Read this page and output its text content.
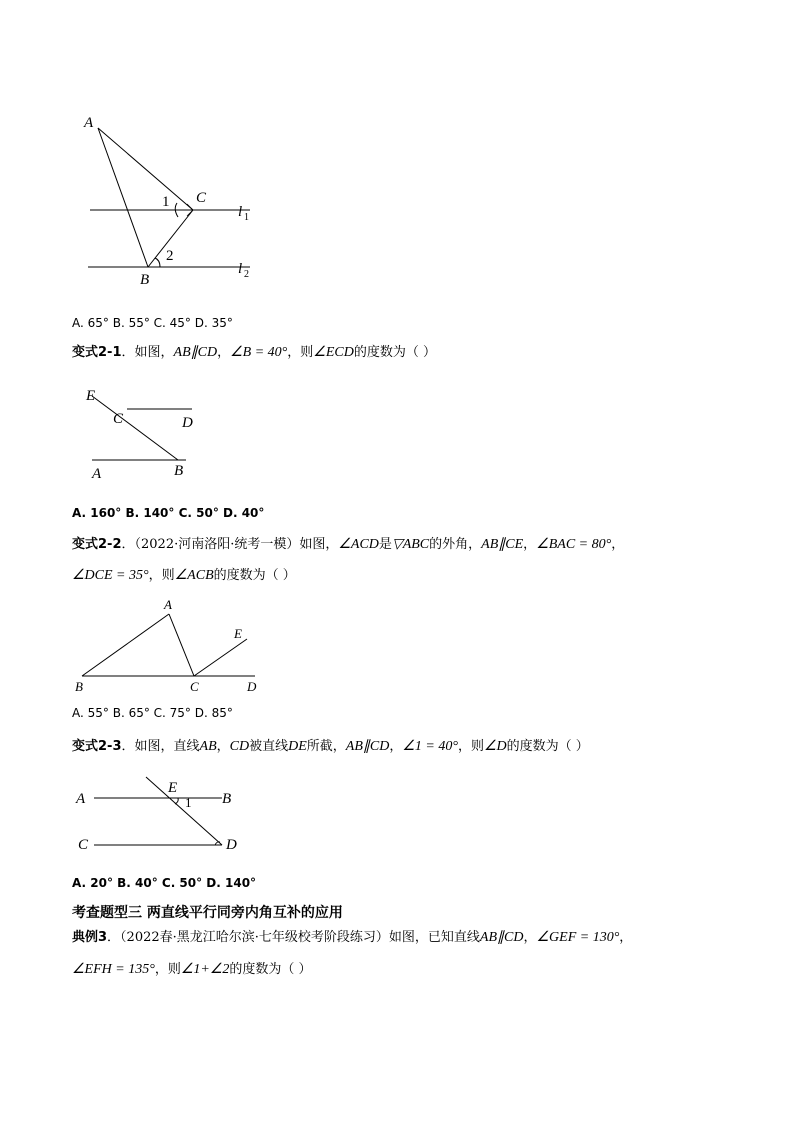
A
C
1
2
B
l 1
l 2
A. 65° B. 55° C. 45° D. 35°
变式2-1．如图，AB∥CD，∠B = 40°，则∠ECD的度数为（ ）
E
C	D
A	B
A. 160° B. 140° C. 50° D. 40°
变式2-2．（2022·河南洛阳·统考一模）如图，∠ACD是▽ABC的外角，AB∥CE，∠BAC = 80°，
∠DCE = 35°，则∠ACB的度数为（ ）
A
E
B	C	D
A. 55° B. 65° C. 75° D. 85°
变式2-3．如图，直线AB，CD被直线DE所截，AB∥CD，∠1 = 40°，则∠D的度数为（ ）
A
E
1 B
C	D
A. 20° B. 40° C. 50° D. 140°
考查题型三 两直线平行同旁内角互补的应用
典例3．（2022春·黑龙江哈尔滨·七年级校考阶段练习）如图，已知直线AB∥CD，∠GEF = 130°，
∠EFH = 135°，则∠1+∠2的度数为（ ）
